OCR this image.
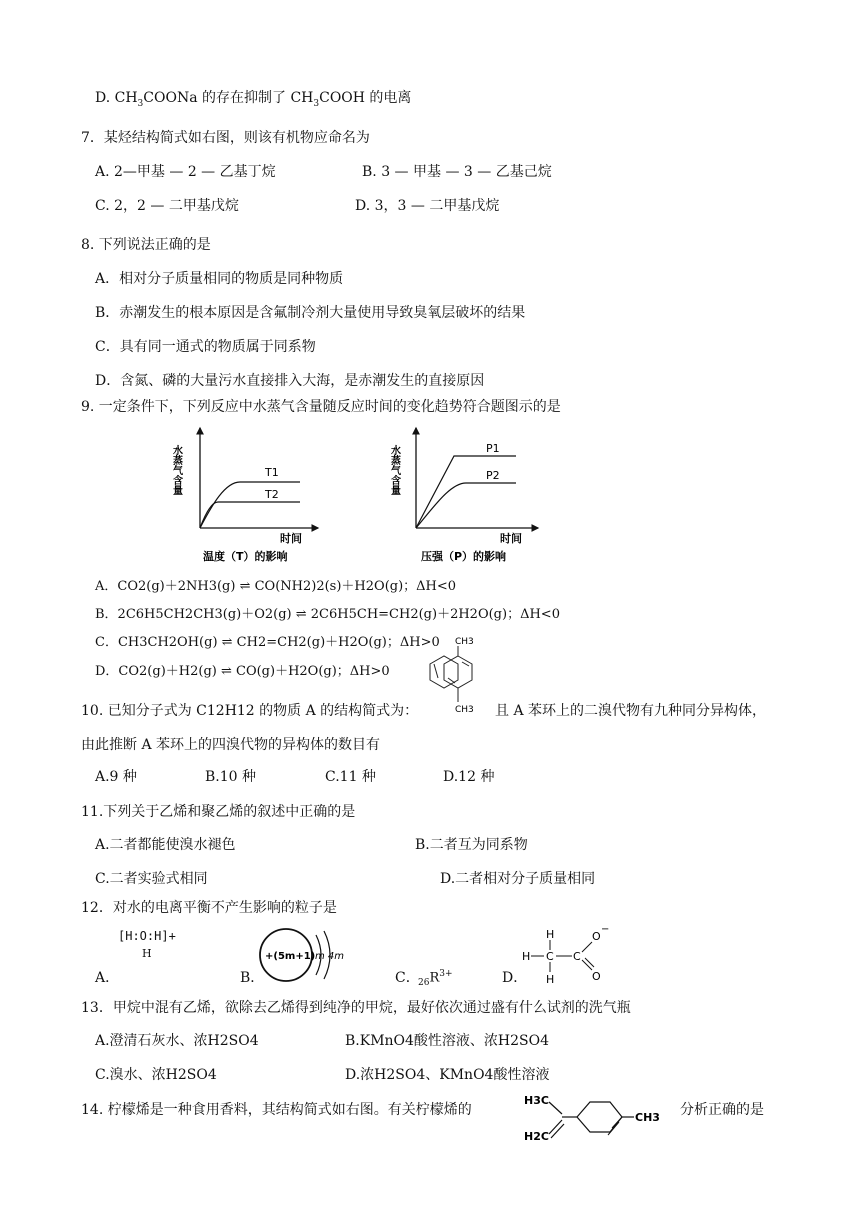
D. $CH_3COONa$ 的存在抑制了 $CH_3COOH$ 的电离
7．某烃结构简式如右图，则该有机物应命名为
A. 2—甲基 — 2 — 乙基丁烷	B. 3 — 甲基 — 3 — 乙基己烷
C. 2，2 — 二甲基戊烷	D. 3，3 — 二甲基戊烷
8. 下列说法正确的是
A．相对分子质量相同的物质是同种物质
B．赤潮发生的根本原因是含氟制冷剂大量使用导致臭氧层破坏的结果
C．具有同一通式的物质属于同系物
D．含氮、磷的大量污水直接排入大海，是赤潮发生的直接原因
9. 一定条件下，下列反应中水蒸气含量随反应时间的变化趋势符合题图示的是
T1
T2
时间
温度（T）的影响
水蒸气含量	P1
P2
时间
压强（P）的影响
水蒸气含量
A．CO2(g)＋2NH3(g) ⇌ CO(NH2)2(s)＋H2O(g)；ΔH<0
B．2C6H5CH2CH3(g)＋O2(g) ⇌ 2C6H5CH=CH2(g)＋2H2O(g)；ΔH<0
C．CH3CH2OH(g) ⇌ CH2=CH2(g)＋H2O(g)；ΔH>0
D．CO2(g)＋H2(g) ⇌ CO(g)＋H2O(g)；ΔH>0
10. 已知分子式为 C12H12 的物质 A 的结构简式为：
CH3
CH3 且 A 苯环上的二溴代物有九种同分异构体，
由此推断 A 苯环上的四溴代物的异构体的数目有
A.9 种	B.10 种	C.11 种	D.12 种
11.下列关于乙烯和聚乙烯的叙述中正确的是
A.二者都能使溴水褪色	B.二者互为同系物
C.二者实验式相同	D.二者相对分子质量相同
12．对水的电离平衡不产生影响的粒子是
A．
[H:O:H]+
H
B．
+(5m+1) m 4m
C．
$_{26}R^{3+}$	D．
H
H C C
H
O
−
O
13．甲烷中混有乙烯，欲除去乙烯得到纯净的甲烷，最好依次通过盛有什么试剂的洗气瓶
A.澄清石灰水、浓H2SO4	B.KMnO4酸性溶液、浓H2SO4
C.溴水、浓H2SO4	D.浓H2SO4、KMnO4酸性溶液
14. 柠檬烯是一种食用香料，其结构简式如右图。有关柠檬烯的
H3C
H2C
CH3 分析正确的是
